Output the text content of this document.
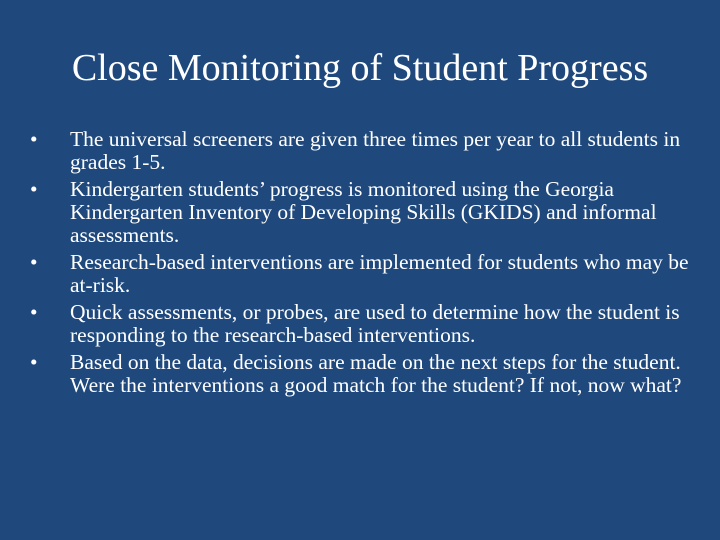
Close Monitoring of Student Progress
•	The universal screeners are given three times per year to all students in grades 1-5.
•	Kindergarten students’ progress is monitored using the Georgia Kindergarten Inventory of Developing Skills (GKIDS) and informal assessments.
•	Research-based interventions are implemented for students who may be at-risk.
•	Quick assessments, or probes, are used to determine how the student is responding to the research-based interventions.
•	Based on the data, decisions are made on the next steps for the student. Were the interventions a good match for the student? If not, now what?
